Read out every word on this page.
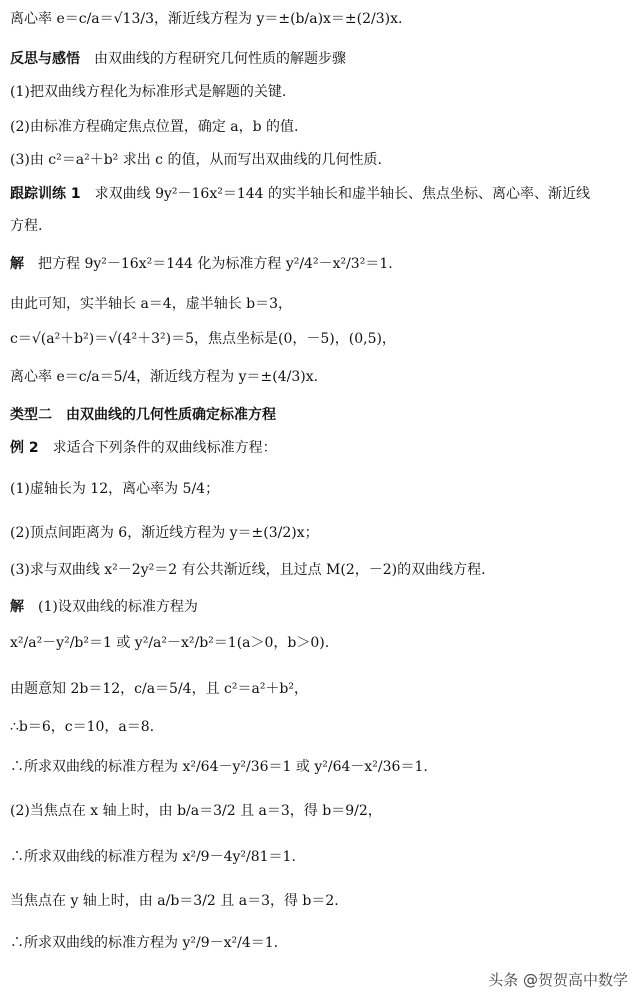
离心率 e＝c/a＝√13/3，渐近线方程为 y＝±(b/a)x＝±(2/3)x.
反思与感悟 由双曲线的方程研究几何性质的解题步骤
(1)把双曲线方程化为标准形式是解题的关键.
(2)由标准方程确定焦点位置，确定 a，b 的值.
(3)由 c²＝a²＋b² 求出 c 的值，从而写出双曲线的几何性质.
跟踪训练 1 求双曲线 9y²－16x²＝144 的实半轴长和虚半轴长、焦点坐标、离心率、渐近线
方程.
解 把方程 9y²－16x²＝144 化为标准方程 y²/4²－x²/3²＝1.
由此可知，实半轴长 a＝4，虚半轴长 b＝3，
c＝√(a²＋b²)＝√(4²＋3²)＝5，焦点坐标是(0，－5)，(0,5)，
离心率 e＝c/a＝5/4，渐近线方程为 y＝±(4/3)x.
类型二　由双曲线的几何性质确定标准方程
例 2 求适合下列条件的双曲线标准方程：
(1)虚轴长为 12，离心率为 5/4；
(2)顶点间距离为 6，渐近线方程为 y＝±(3/2)x；
(3)求与双曲线 x²－2y²＝2 有公共渐近线，且过点 M(2，－2)的双曲线方程.
解 (1)设双曲线的标准方程为
x²/a²－y²/b²＝1 或 y²/a²－x²/b²＝1(a＞0，b＞0).
由题意知 2b＝12，c/a＝5/4，且 c²＝a²＋b²，
∴b＝6，c＝10，a＝8.
∴所求双曲线的标准方程为 x²/64－y²/36＝1 或 y²/64－x²/36＝1.
(2)当焦点在 x 轴上时，由 b/a＝3/2 且 a＝3，得 b＝9/2，
∴所求双曲线的标准方程为 x²/9－4y²/81＝1.
当焦点在 y 轴上时，由 a/b＝3/2 且 a＝3，得 b＝2.
∴所求双曲线的标准方程为 y²/9－x²/4＝1.
头条 @贺贺高中数学
